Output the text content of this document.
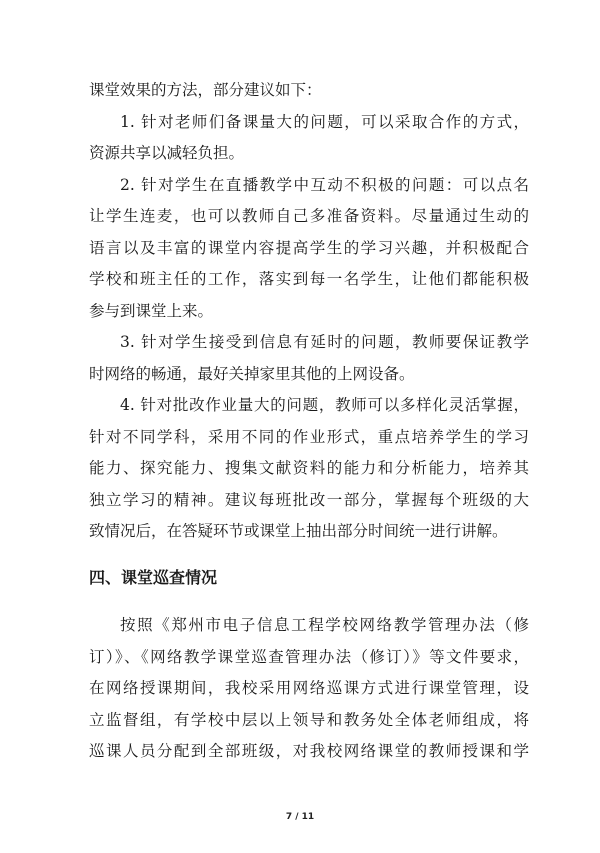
课堂效果的方法，部分建议如下：
1. 针对老师们备课量大的问题，可以采取合作的方式，
资源共享以减轻负担。
2. 针对学生在直播教学中互动不积极的问题：可以点名
让学生连麦，也可以教师自己多准备资料。尽量通过生动的
语言以及丰富的课堂内容提高学生的学习兴趣，并积极配合
学校和班主任的工作，落实到每一名学生，让他们都能积极
参与到课堂上来。
3. 针对学生接受到信息有延时的问题，教师要保证教学
时网络的畅通，最好关掉家里其他的上网设备。
4. 针对批改作业量大的问题，教师可以多样化灵活掌握，
针对不同学科，采用不同的作业形式，重点培养学生的学习
能力、探究能力、搜集文献资料的能力和分析能力，培养其
独立学习的精神。建议每班批改一部分，掌握每个班级的大
致情况后，在答疑环节或课堂上抽出部分时间统一进行讲解。
四、课堂巡查情况
按照《郑州市电子信息工程学校网络教学管理办法（修
订）》、《网络教学课堂巡查管理办法（修订）》等文件要求，
在网络授课期间，我校采用网络巡课方式进行课堂管理，设
立监督组，有学校中层以上领导和教务处全体老师组成，将
巡课人员分配到全部班级，对我校网络课堂的教师授课和学
7 / 11
